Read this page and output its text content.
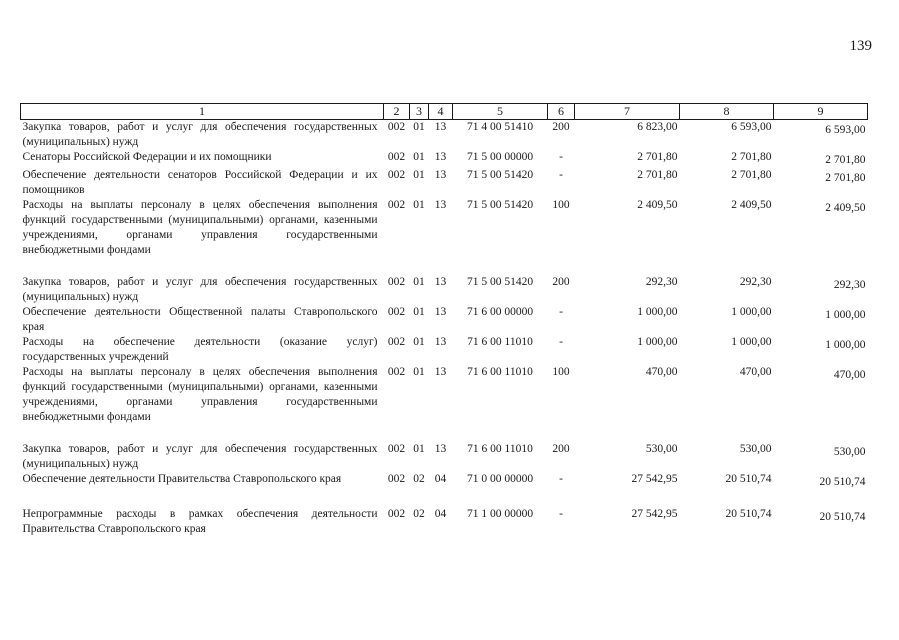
139
1	2	3	4	5	6	7	8	9
Закупка товаров, работ и услуг для обеспечения государственных (муниципальных) нужд	002	01	13	71 4 00 51410	200	6 823,00	6 593,00	6 593,00
Сенаторы Российской Федерации и их помощники	002	01	13	71 5 00 00000	-	2 701,80	2 701,80	2 701,80
Обеспечение деятельности сенаторов Российской Федерации и их помощников	002	01	13	71 5 00 51420	-	2 701,80	2 701,80	2 701,80
Расходы на выплаты персоналу в целях обеспечения выполнения функций государственными (муниципальными) органами, казенными учреждениями, органами управления государственными внебюджетными фондами	002	01	13	71 5 00 51420	100	2 409,50	2 409,50	2 409,50
Закупка товаров, работ и услуг для обеспечения государственных (муниципальных) нужд	002	01	13	71 5 00 51420	200	292,30	292,30	292,30
Обеспечение деятельности Общественной палаты Ставропольского края	002	01	13	71 6 00 00000	-	1 000,00	1 000,00	1 000,00
Расходы на обеспечение деятельности (оказание услуг) государственных учреждений	002	01	13	71 6 00 11010	-	1 000,00	1 000,00	1 000,00
Расходы на выплаты персоналу в целях обеспечения выполнения функций государственными (муниципальными) органами, казенными учреждениями, органами управления государственными внебюджетными фондами	002	01	13	71 6 00 11010	100	470,00	470,00	470,00
Закупка товаров, работ и услуг для обеспечения государственных (муниципальных) нужд	002	01	13	71 6 00 11010	200	530,00	530,00	530,00
Обеспечение деятельности Правительства Ставропольского края	002	02	04	71 0 00 00000	-	27 542,95	20 510,74	20 510,74
Непрограммные расходы в рамках обеспечения деятельности Правительства Ставропольского края	002	02	04	71 1 00 00000	-	27 542,95	20 510,74	20 510,74
